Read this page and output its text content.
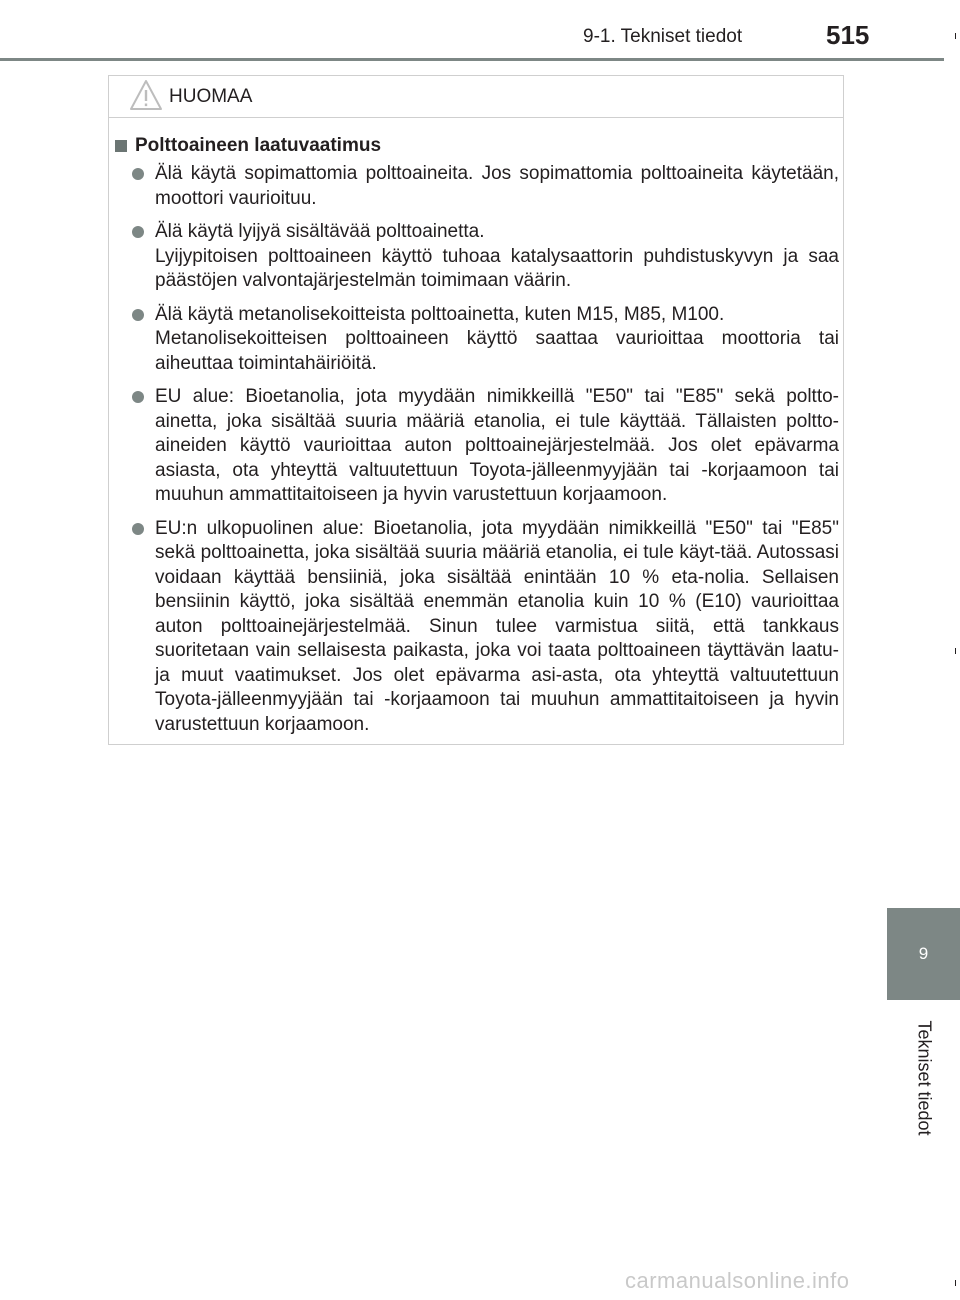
9-1. Tekniset tiedot	515
HUOMAA
Polttoaineen laatuvaatimus
Älä käytä sopimattomia polttoaineita. Jos sopimattomia polttoaineita käytetään, moottori vaurioituu.
Älä käytä lyijyä sisältävää polttoainetta.
Lyijypitoisen polttoaineen käyttö tuhoaa katalysaattorin puhdistuskyvyn ja saa päästöjen valvontajärjestelmän toimimaan väärin.
Älä käytä metanolisekoitteista polttoainetta, kuten M15, M85, M100.
Metanolisekoitteisen polttoaineen käyttö saattaa vaurioittaa moottoria tai aiheuttaa toimintahäiriöitä.
EU alue: Bioetanolia, jota myydään nimikkeillä "E50" tai "E85" sekä poltto-ainetta, joka sisältää suuria määriä etanolia, ei tule käyttää. Tällaisten poltto-aineiden käyttö vaurioittaa auton polttoainejärjestelmää. Jos olet epävarma asiasta, ota yhteyttä valtuutettuun Toyota-jälleenmyyjään tai -korjaamoon tai muuhun ammattitaitoiseen ja hyvin varustettuun korjaamoon.
EU:n ulkopuolinen alue: Bioetanolia, jota myydään nimikkeillä "E50" tai "E85" sekä polttoainetta, joka sisältää suuria määriä etanolia, ei tule käyt-tää. Autossasi voidaan käyttää bensiiniä, joka sisältää enintään 10 % eta-nolia. Sellaisen bensiinin käyttö, joka sisältää enemmän etanolia kuin 10 % (E10) vaurioittaa auton polttoainejärjestelmää. Sinun tulee varmistua siitä, että tankkaus suoritetaan vain sellaisesta paikasta, joka voi taata polttoaineen täyttävän laatu- ja muut vaatimukset. Jos olet epävarma asi-asta, ota yhteyttä valtuutettuun Toyota-jälleenmyyjään tai -korjaamoon tai muuhun ammattitaitoiseen ja hyvin varustettuun korjaamoon.
9
Tekniset tiedot
carmanualsonline.info
